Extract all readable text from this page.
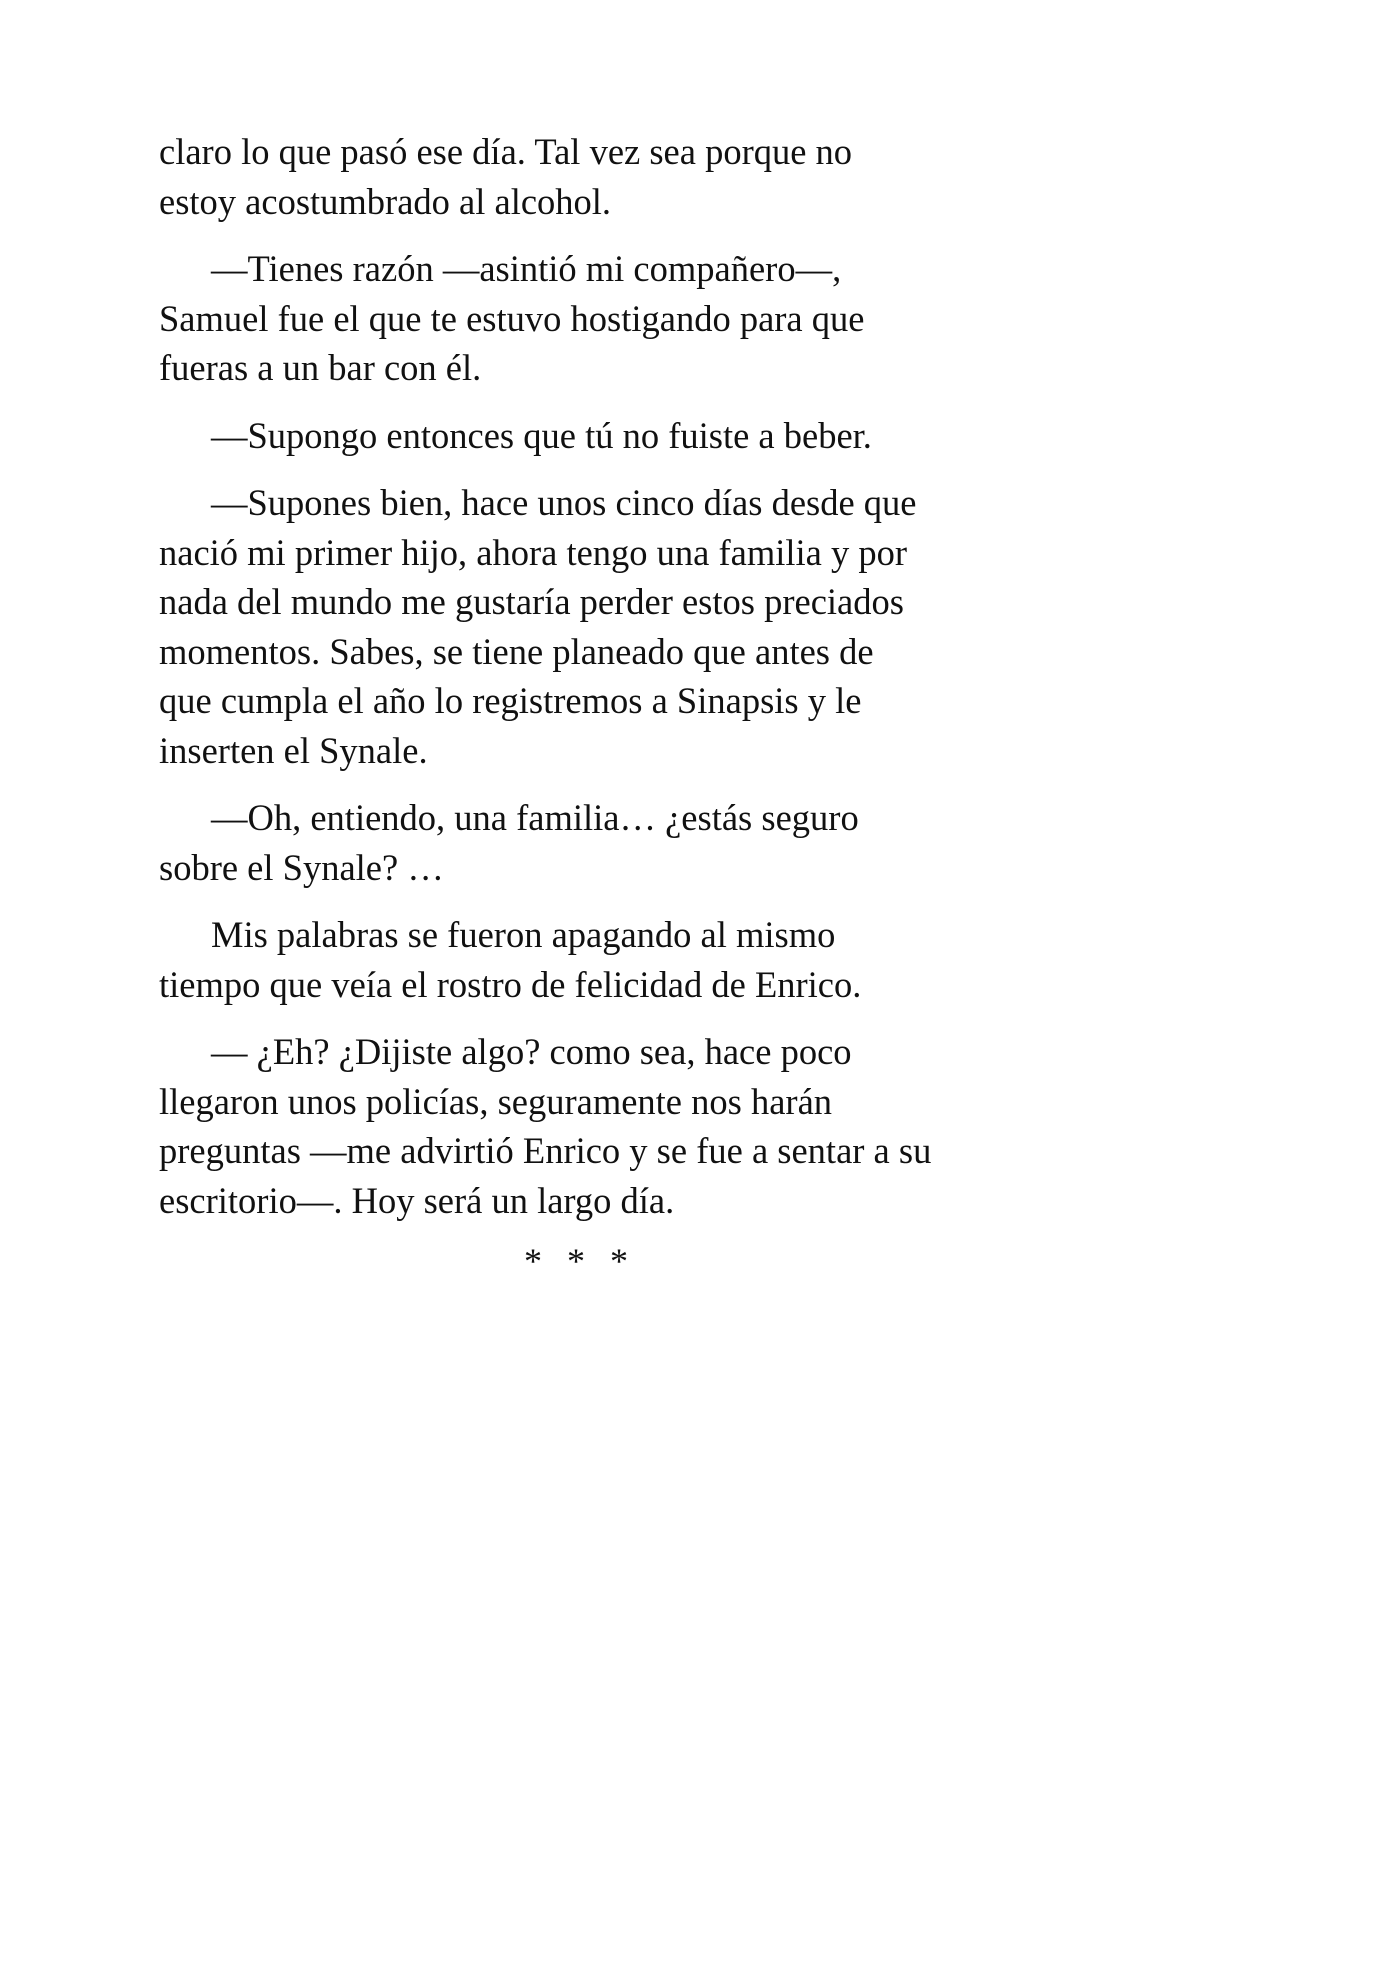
claro lo que pasó ese día. Tal vez sea porque no
estoy acostumbrado al alcohol.

—Tienes razón —asintió mi compañero—,
Samuel fue el que te estuvo hostigando para que
fueras a un bar con él.

—Supongo entonces que tú no fuiste a beber.

—Supones bien, hace unos cinco días desde que
nació mi primer hijo, ahora tengo una familia y por
nada del mundo me gustaría perder estos preciados
momentos. Sabes, se tiene planeado que antes de
que cumpla el año lo registremos a Sinapsis y le
inserten el Synale.

—Oh, entiendo, una familia… ¿estás seguro
sobre el Synale? …

Mis palabras se fueron apagando al mismo
tiempo que veía el rostro de felicidad de Enrico.

— ¿Eh? ¿Dijiste algo? como sea, hace poco
llegaron unos policías, seguramente nos harán
preguntas —me advirtió Enrico y se fue a sentar a su
escritorio—. Hoy será un largo día.

* * *
